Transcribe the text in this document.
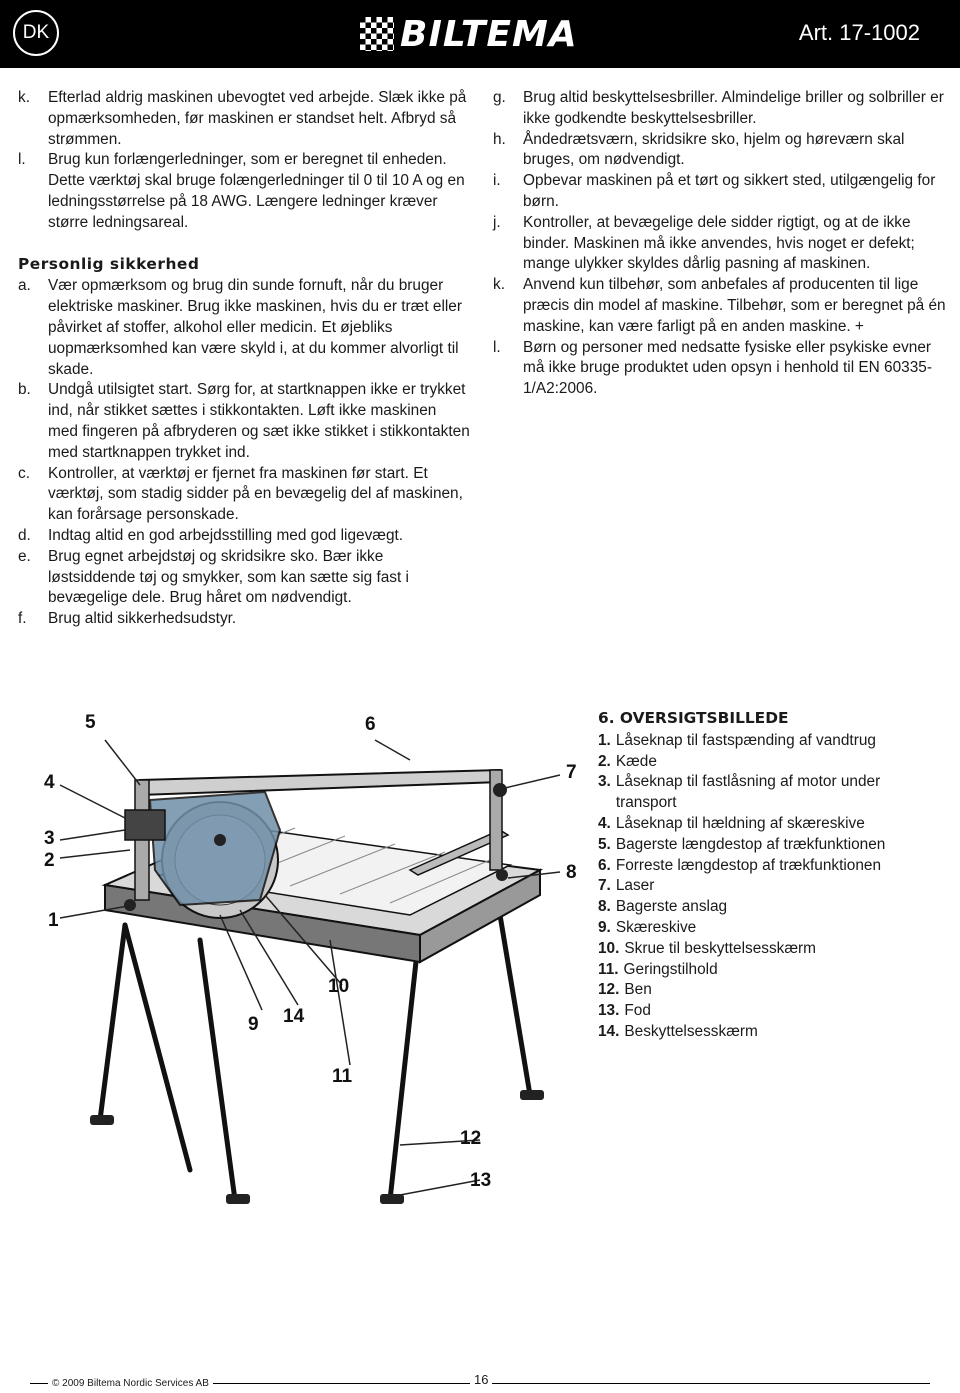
DK	BILTEMA	Art. 17-1002
k.	Efterlad aldrig maskinen ubevogtet ved arbejde. Slæk ikke på opmærksomheden, før maskinen er standset helt. Afbryd så strømmen.
l.	Brug kun forlængerledninger, som er beregnet til enheden. Dette værktøj skal bruge folængerledninger til 0 til 10 A og en ledningsstørrelse på 18 AWG. Længere ledninger kræver større ledningsareal.
Personlig sikkerhed
a.	Vær opmærksom og brug din sunde fornuft, når du bruger elektriske maskiner. Brug ikke maskinen, hvis du er træt eller påvirket af stoffer, alkohol eller medicin. Et øjebliks uopmærksomhed kan være skyld i, at du kommer alvorligt til skade.
b.	Undgå utilsigtet start. Sørg for, at startknappen ikke er trykket ind, når stikket sættes i stikkontakten. Løft ikke maskinen med fingeren på afbryderen og sæt ikke stikket i stikkontakten med startknappen trykket ind.
c.	Kontroller, at værktøj er fjernet fra maskinen før start. Et værktøj, som stadig sidder på en bevægelig del af maskinen, kan forårsage personskade.
d.	Indtag altid en god arbejdsstilling med god ligevægt.
e.	Brug egnet arbejdstøj og skridsikre sko. Bær ikke løstsiddende tøj og smykker, som kan sætte sig fast i bevægelige dele. Brug håret om nødvendigt.
f.	Brug altid sikkerhedsudstyr.
g.	Brug altid beskyttelsesbriller. Almindelige briller og solbriller er ikke godkendte beskyttelsesbriller.
h.	Åndedrætsværn, skridsikre sko, hjelm og høreværn skal bruges, om nødvendigt.
i.	Opbevar maskinen på et tørt og sikkert sted, utilgængelig for børn.
j.	Kontroller, at bevægelige dele sidder rigtigt, og at de ikke binder. Maskinen må ikke anvendes, hvis noget er defekt; mange ulykker skyldes dårlig pasning af maskinen.
k.	Anvend kun tilbehør, som anbefales af producenten til lige præcis din model af maskine. Tilbehør, som er beregnet på én maskine, kan være farligt på en anden maskine. +
l.	Børn og personer med nedsatte fysiske eller psykiske evner må ikke bruge produktet uden opsyn i henhold til EN 60335-1/A2:2006.
1
2
3
4
5	6
7
8
9
10
11
12
13
14
6. OVERSIGTSBILLEDE
1. Låseknap til fastspænding af vandtrug
2. Kæde
3. Låseknap til fastlåsning af motor under transport
4. Låseknap til hældning af skæreskive
5. Bagerste længdestop af trækfunktionen
6. Forreste længdestop af trækfunktionen
7. Laser
8. Bagerste anslag
9. Skæreskive
10. Skrue til beskyttelsesskærm
11. Geringstilhold
12. Ben
13. Fod
14. Beskyttelsesskærm
© 2009 Biltema Nordic Services AB	16
